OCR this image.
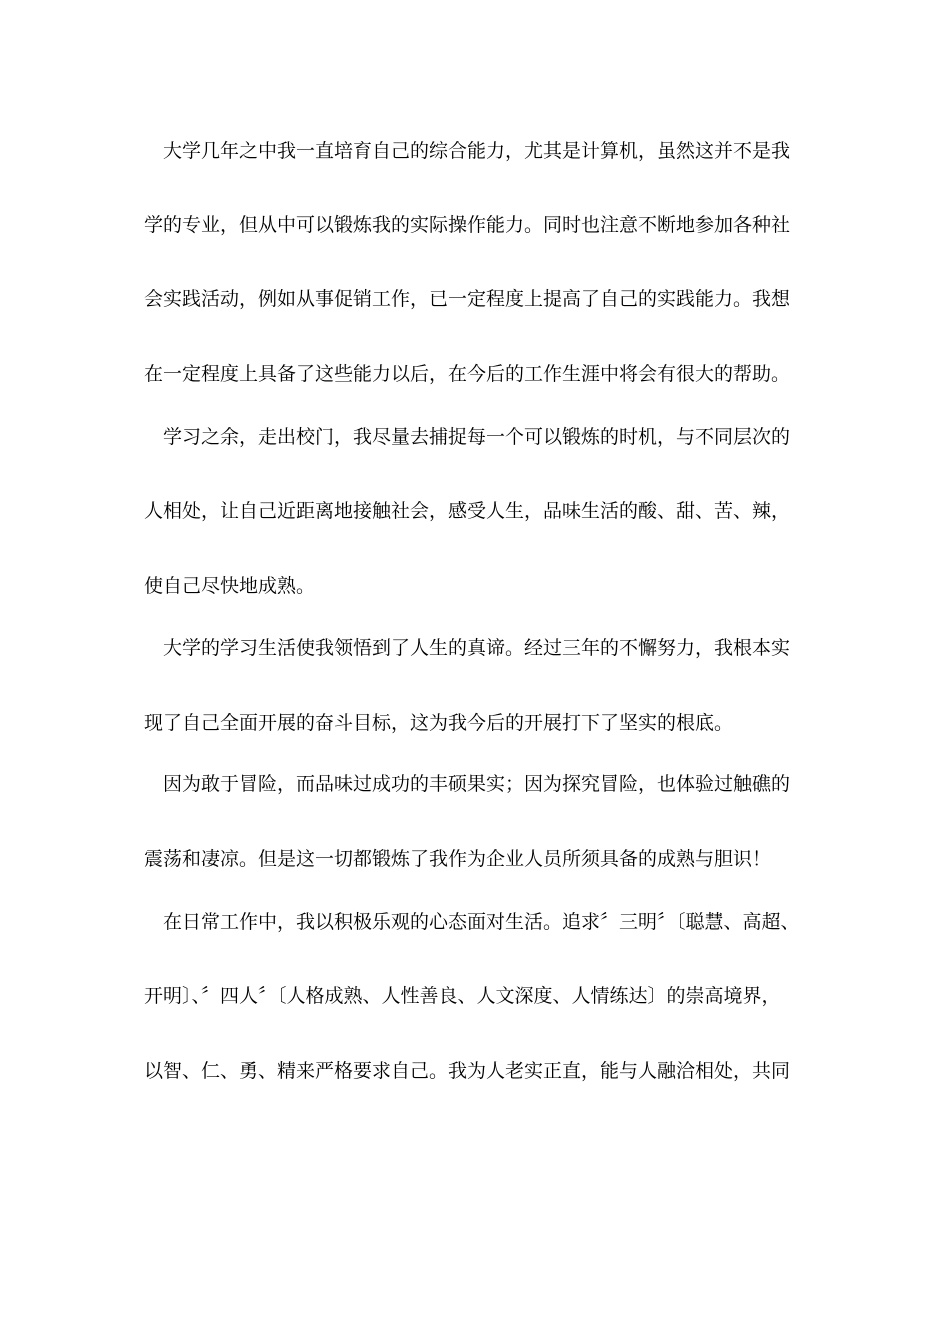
大学几年之中我一直培育自己的综合能力，尤其是计算机，虽然这并不是我
学的专业，但从中可以锻炼我的实际操作能力。同时也注意不断地参加各种社
会实践活动，例如从事促销工作，已一定程度上提高了自己的实践能力。我想
在一定程度上具备了这些能力以后，在今后的工作生涯中将会有很大的帮助。
学习之余，走出校门，我尽量去捕捉每一个可以锻炼的时机，与不同层次的
人相处，让自己近距离地接触社会，感受人生，品味生活的酸、甜、苦、辣，
使自己尽快地成熟。
大学的学习生活使我领悟到了人生的真谛。经过三年的不懈努力，我根本实
现了自己全面开展的奋斗目标，这为我今后的开展打下了坚实的根底。
因为敢于冒险，而品味过成功的丰硕果实；因为探究冒险，也体验过触礁的
震荡和凄凉。但是这一切都锻炼了我作为企业人员所须具备的成熟与胆识！
在日常工作中，我以积极乐观的心态面对生活。追求〞三明〞〔聪慧、高超、
开明〕、〞四人〞〔人格成熟、人性善良、人文深度、人情练达〕的崇高境界，
以智、仁、勇、精来严格要求自己。我为人老实正直，能与人融洽相处，共同
